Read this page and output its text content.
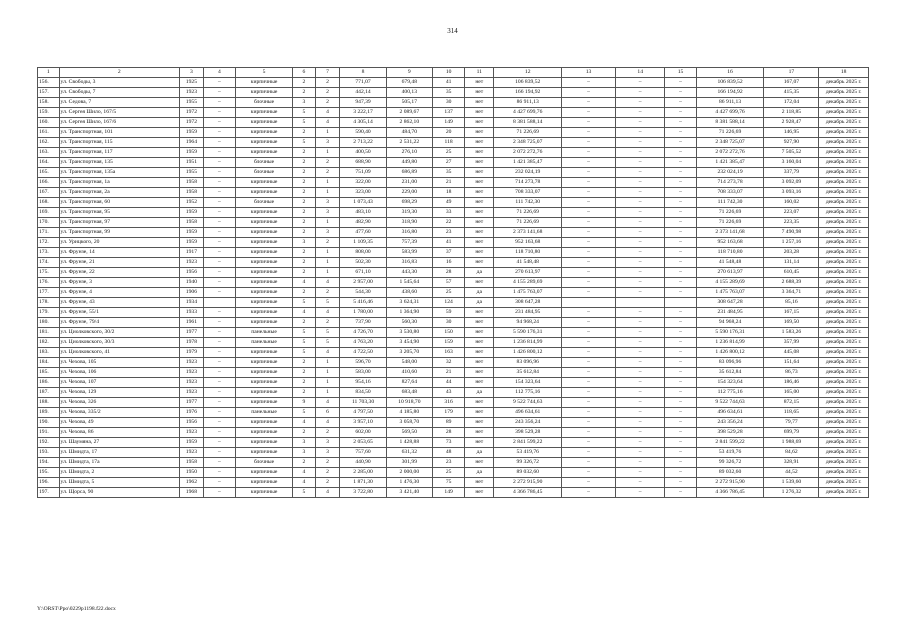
314
1	2	3	4	5	6	7	8	9	10	11	12	13	14	15	16	17	18
156.	ул. Свободы, 3	1925	–	кирпичные	2	2	771,07	679,48	41	нет	106 839,52	–	–	–	106 839,52	167,07	декабрь 2025 г.
157.	ул. Свободы, 7	1923	–	кирпичные	2	2	442,14	400,13	35	нет	166 194,92	–	–	–	166 194,92	415,35	декабрь 2025 г.
158.	ул. Седова, 7	1955	–	блочные	3	2	947,39	505,17	30	нет	86 911,13	–	–	–	86 911,13	172,04	декабрь 2025 г.
159.	ул. Сергея Шило, 167/5	1972	–	кирпичные	5	4	3 222,17	2 089,67	137	нет	4 427 699,76	–	–	–	4 427 699,76	2 118,85	декабрь 2025 г.
160.	ул. Сергея Шило, 167/6	1972	–	кирпичные	5	4	4 305,14	2 862,10	149	нет	8 381 588,14	–	–	–	8 381 588,14	2 928,47	декабрь 2025 г.
161.	ул. Транспортная, 101	1959	–	кирпичные	2	1	590,40	484,70	20	нет	71 226,69	–	–	–	71 226,69	146,95	декабрь 2025 г.
162.	ул. Транспортная, 115	1964	–	кирпичные	5	3	2 713,22	2 531,22	118	нет	2 348 725,07	–	–	–	2 348 725,07	927,90	декабрь 2025 г.
163.	ул. Транспортная, 117	1959	–	кирпичные	2	1	400,50	276,10	25	нет	2 072 272,76	–	–	–	2 072 272,76	7 505,52	декабрь 2025 г.
164.	ул. Транспортная, 135	1951	–	блочные	2	2	688,90	449,80	27	нет	1 421 385,47	–	–	–	1 421 385,47	3 160,04	декабрь 2025 г.
165.	ул. Транспортная, 135а	1955	–	блочные	2	2	751,09	686,89	35	нет	232 024,19	–	–	–	232 024,19	337,79	декабрь 2025 г.
166.	ул. Транспортная, 1а	1958	–	кирпичные	2	1	322,00	231,00	21	нет	714 273,78	–	–	–	714 273,78	3 092,09	декабрь 2025 г.
167.	ул. Транспортная, 2а	1958	–	кирпичные	2	1	323,00	229,00	18	нет	708 333,07	–	–	–	708 333,07	3 093,16	декабрь 2025 г.
168.	ул. Транспортная, 60	1952	–	блочные	2	3	1 073,43	698,29	49	нет	111 742,30	–	–	–	111 742,30	160,02	декабрь 2025 г.
169.	ул. Транспортная, 95	1959	–	кирпичные	2	3	483,10	319,30	33	нет	71 226,69	–	–	–	71 226,69	223,07	декабрь 2025 г.
170.	ул. Транспортная, 97	1958	–	кирпичные	2	1	482,90	318,90	22	нет	71 226,69	–	–	–	71 226,69	223,35	декабрь 2025 г.
171.	ул. Транспортная, 99	1959	–	кирпичные	2	3	477,60	316,80	23	нет	2 373 141,68	–	–	–	2 373 141,68	7 490,98	декабрь 2025 г.
172.	ул. Урицкого, 20	1959	–	кирпичные	3	2	1 109,35	757,39	41	нет	952 163,68	–	–	–	952 163,68	1 257,16	декабрь 2025 г.
173.	ул. Фрунзе, 14	1917	–	кирпичные	2	1	808,00	583,99	37	нет	118 710,80	–	–	–	118 710,80	203,28	декабрь 2025 г.
174.	ул. Фрунзе, 21	1923	–	кирпичные	2	1	502,30	316,83	16	нет	41 548,48	–	–	–	41 548,48	131,14	декабрь 2025 г.
175.	ул. Фрунзе, 22	1956	–	кирпичные	2	1	671,10	443,30	28	да	270 613,97	–	–	–	270 613,97	610,45	декабрь 2025 г.
176.	ул. Фрунзе, 3	1940	–	кирпичные	4	4	2 957,00	1 545,64	57	нет	4 155 289,69	–	–	–	4 155 289,69	2 688,39	декабрь 2025 г.
177.	ул. Фрунзе, 4	1906	–	кирпичные	2	2	544,30	438,60	25	да	1 475 763,07	–	–	–	1 475 763,07	3 364,71	декабрь 2025 г.
178.	ул. Фрунзе, 43	1934		кирпичные	5	5	5 416,46	3 624,31	124	да	308 647,28				308 647,28	85,16	декабрь 2025 г.
179.	ул. Фрунзе, 55/1	1933	–	кирпичные	4	4	1 780,00	1 364,90	59	нет	231 484,95	–	–	–	231 484,95	167,15	декабрь 2025 г.
180.	ул. Фрунзе, 79/4	1961	–	кирпичные	2	2	737,90	560,30	30	нет	94 968,24	–	–	–	94 968,24	169,50	декабрь 2025 г.
181.	ул. Циолковского, 30/2	1977	–	панельные	5	5	4 726,70	3 530,80	150	нет	5 590 176,31	–	–	–	5 590 176,31	1 583,26	декабрь 2025 г.
182.	ул. Циолковского, 30/3	1978	–	панельные	5	5	4 763,20	3 454,90	159	нет	1 236 814,99	–	–	–	1 236 814,99	357,99	декабрь 2025 г.
183.	ул. Циолковского, 41	1979	–	кирпичные	5	4	4 722,50	3 205,70	163	нет	1 426 800,12	–	–	–	1 426 800,12	445,08	декабрь 2025 г.
184.	ул. Чехова, 105	1923	–	кирпичные	2	1	596,70	548,00	32	нет	83 096,96	–	–	–	83 096,96	151,64	декабрь 2025 г.
185.	ул. Чехова, 106	1923	–	кирпичные	2	1	583,00	410,60	21	нет	35 612,84	–	–	–	35 612,84	86,73	декабрь 2025 г.
186.	ул. Чехова, 107	1923	–	кирпичные	2	1	954,16	827,64	44	нет	154 323,64	–	–	–	154 323,64	186,46	декабрь 2025 г.
187.	ул. Чехова, 129	1923	–	кирпичные	2	1	834,50	683,48	43	да	112 775,16	–	–	–	112 775,16	165,00	декабрь 2025 г.
188.	ул. Чехова, 326	1977	–	кирпичные	9	4	11 703,30	10 918,70	316	нет	9 522 744,63	–	–	–	9 522 744,63	872,15	декабрь 2025 г.
189.	ул. Чехова, 335/2	1976	–	панельные	5	6	4 797,50	4 185,80	179	нет	496 634,61	–	–	–	496 634,61	118,65	декабрь 2025 г.
190.	ул. Чехова, 49	1956	–	кирпичные	4	4	3 957,10	3 058,70	89	нет	243 356,24	–	–	–	243 356,24	79,77	декабрь 2025 г.
191.	ул. Чехова, 86	1923	–	кирпичные	2	2	602,00	569,50	28	нет	398 529,28	–	–	–	398 529,28	699,79	декабрь 2025 г.
192.	ул. Шаумяна, 27	1959	–	кирпичные	3	3	2 053,65	1 428,88	73	нет	2 841 599,22	–	–	–	2 841 599,22	1 988,69	декабрь 2025 г.
193.	ул. Шмидта, 17	1923	–	кирпичные	3	3	757,60	631,32	48	да	53 419,76	–	–	–	53 419,76	84,62	декабрь 2025 г.
194.	ул. Шмидта, 17а	1958	–	блочные	2	2	440,90	301,99	23	нет	99 326,72	–	–	–	99 326,72	328,91	декабрь 2025 г.
195.	ул. Шмидта, 2	1950	–	кирпичные	4	2	2 285,00	2 000,00	25	да	89 032,60	–	–	–	89 032,60	44,52	декабрь 2025 г.
196.	ул. Шмидта, 5	1962	–	кирпичные	4	2	1 871,30	1 476,30	75	нет	2 272 915,90	–	–	–	2 272 915,90	1 539,60	декабрь 2025 г.
197.	ул. Щорса, 90	1968	–	кирпичные	5	4	3 722,80	3 421,40	149	нет	4 366 786,45	–	–	–	4 366 786,45	1 276,32	декабрь 2025 г.
Y:\ORST\Ppo\0229p1198.f22.docx
